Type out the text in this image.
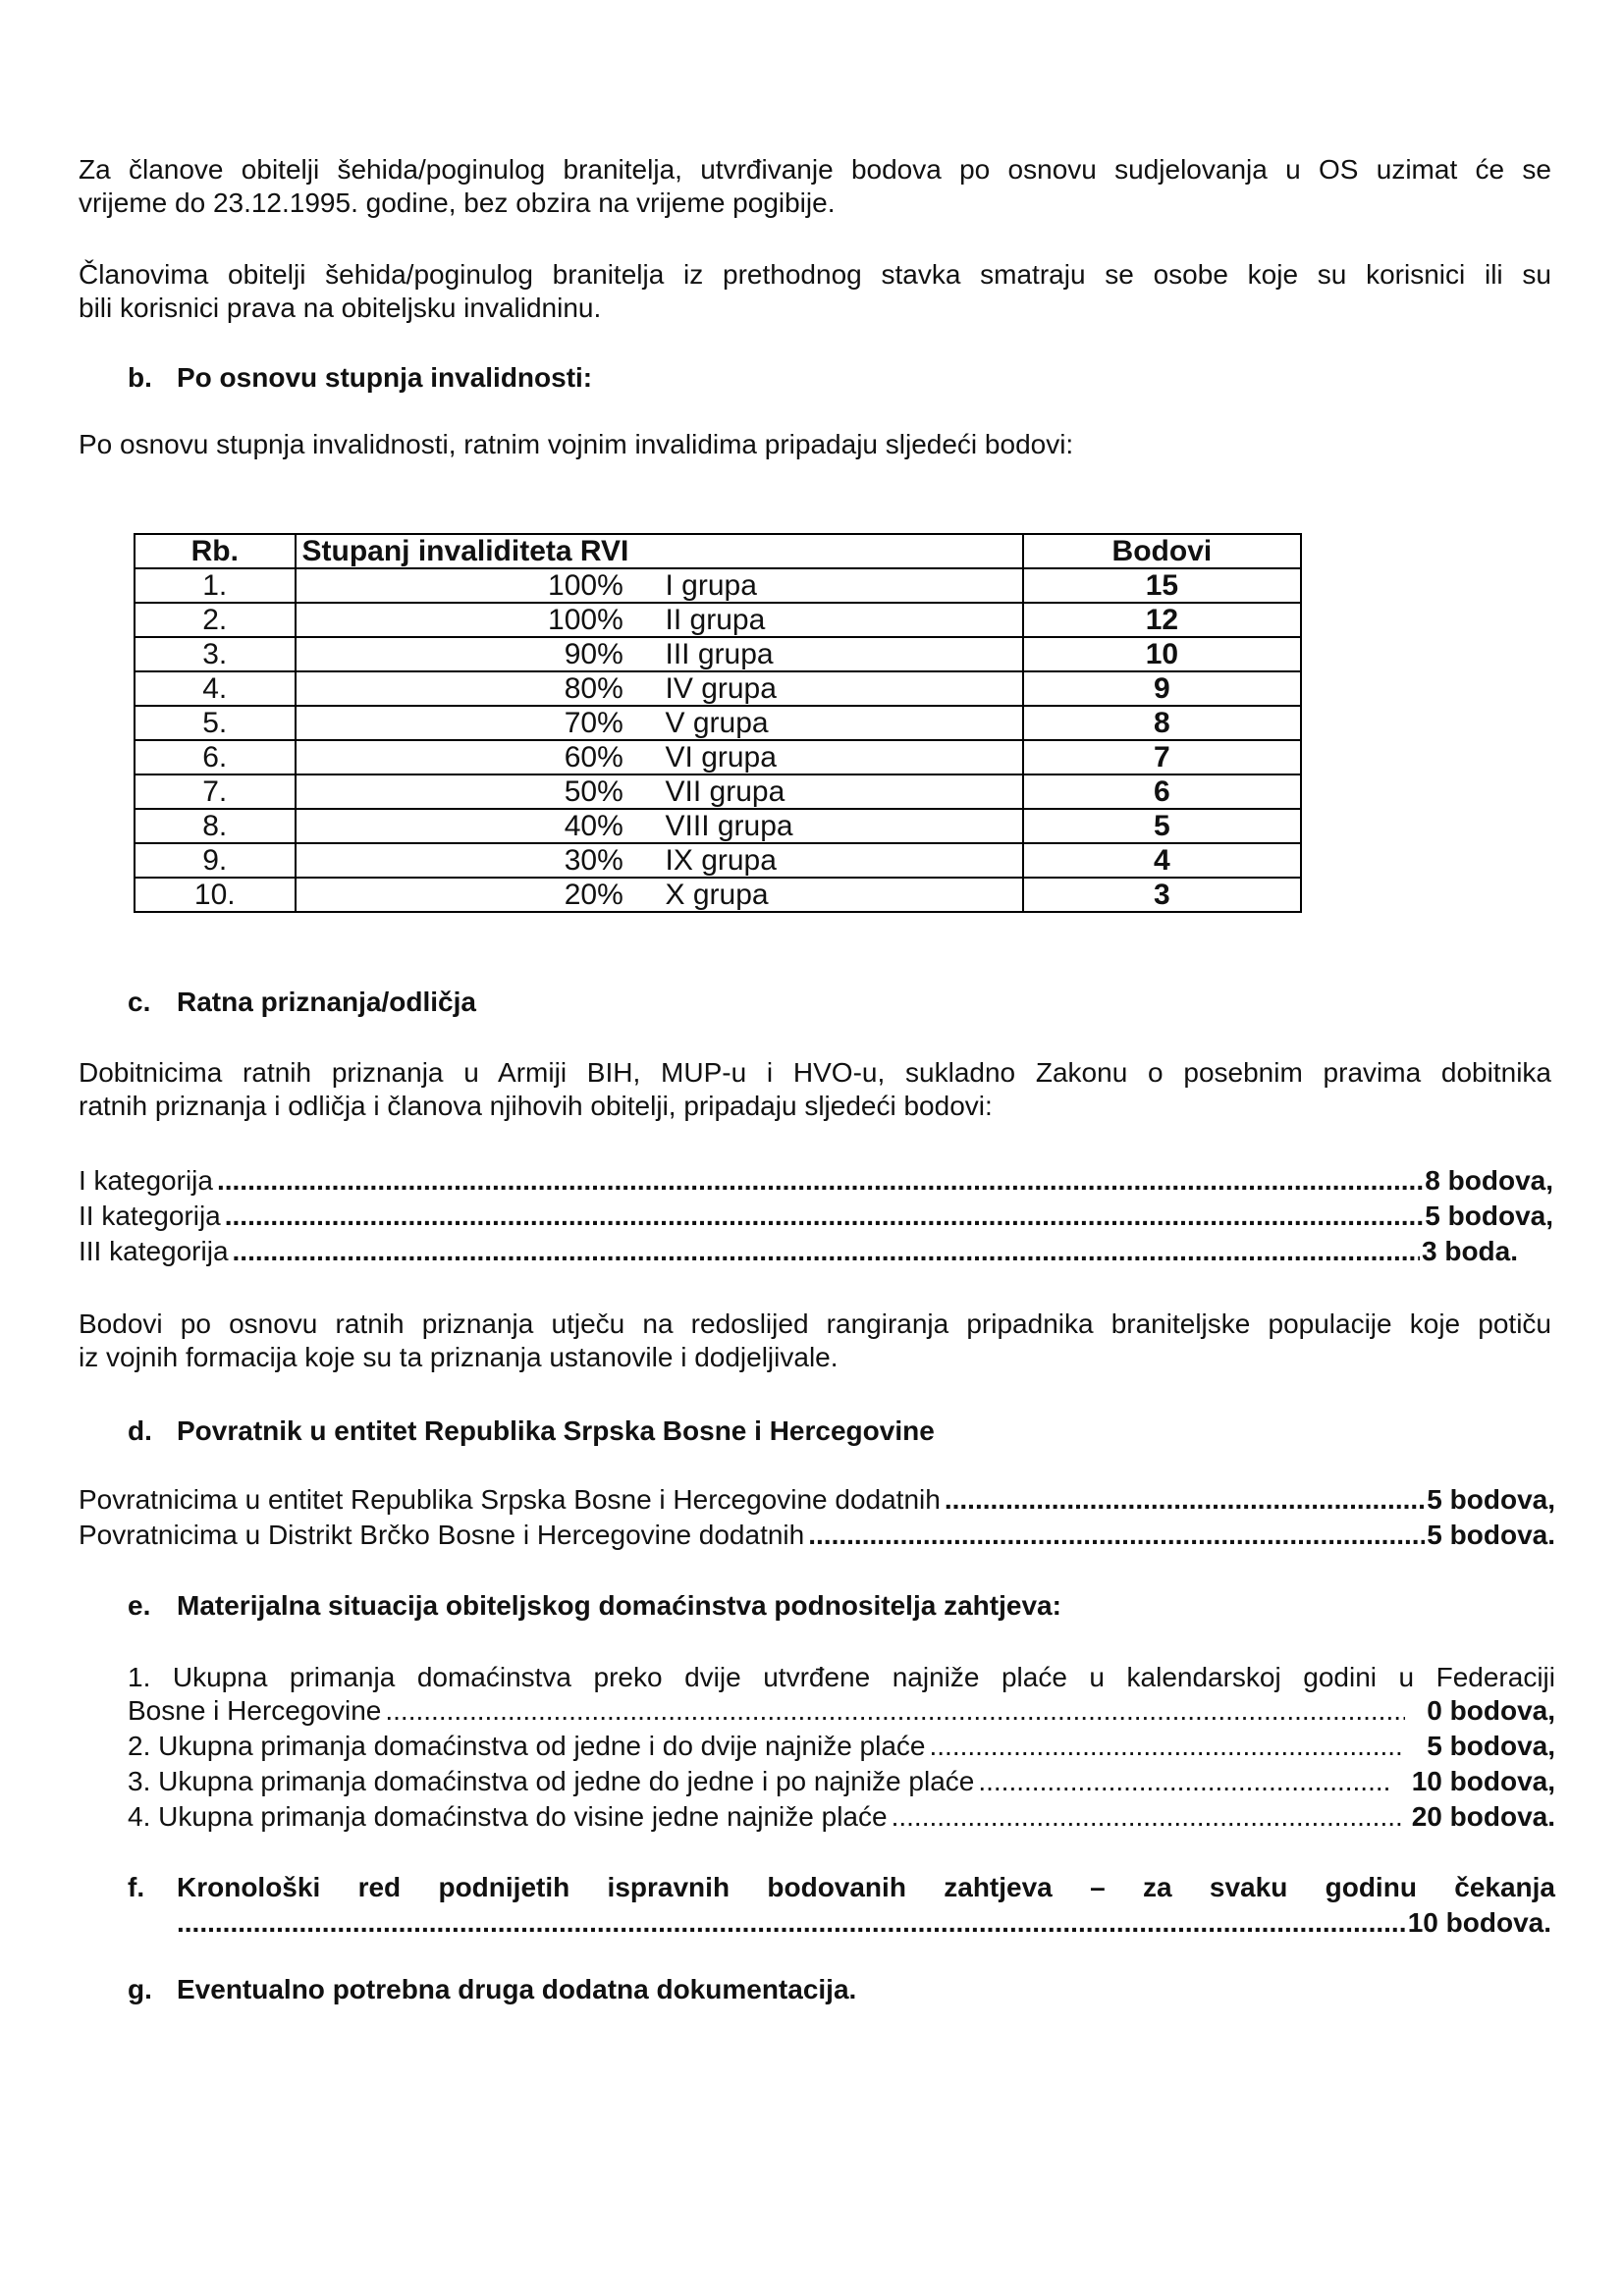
Za članove obitelji šehida/poginulog branitelja, utvrđivanje bodova po osnovu sudjelovanja u OS uzimat će se
vrijeme do 23.12.1995. godine, bez obzira na vrijeme pogibije.
Članovima obitelji šehida/poginulog branitelja iz prethodnog stavka smatraju se osobe koje su korisnici ili su
bili korisnici prava na obiteljsku invalidninu.
b. Po osnovu stupnja invalidnosti:
Po osnovu stupnja invalidnosti, ratnim vojnim invalidima pripadaju sljedeći bodovi:
Rb.	Stupanj invaliditeta RVI	Bodovi
1.	100% I grupa	15
2.	100% II grupa	12
3.	90% III grupa	10
4.	80% IV grupa	9
5.	70% V grupa	8
6.	60% VI grupa	7
7.	50% VII grupa	6
8.	40% VIII grupa	5
9.	30% IX grupa	4
10.	20% X grupa	3
c. Ratna priznanja/odličja
Dobitnicima ratnih priznanja u Armiji BIH, MUP-u i HVO-u, sukladno Zakonu o posebnim pravima dobitnika
ratnih priznanja i odličja i članova njihovih obitelji, pripadaju sljedeći bodovi:
I kategorija .....	8 bodova,
II kategorija .....	5 bodova,
III kategorija .....	3 boda.
Bodovi po osnovu ratnih priznanja utječu na redoslijed rangiranja pripadnika braniteljske populacije koje potiču
iz vojnih formacija koje su ta priznanja ustanovile i dodjeljivale.
d. Povratnik u entitet Republika Srpska Bosne i Hercegovine
Povratnicima u entitet Republika Srpska Bosne i Hercegovine dodatnih .....	5 bodova,
Povratnicima u Distrikt Brčko Bosne i Hercegovine dodatnih .....	5 bodova.
e. Materijalna situacija obiteljskog domaćinstva podnositelja zahtjeva:
1. Ukupna primanja domaćinstva preko dvije utvrđene najniže plaće u kalendarskoj godini u Federaciji
Bosne i Hercegovine .....	0 bodova,
2. Ukupna primanja domaćinstva od jedne i do dvije najniže plaće .....	5 bodova,
3. Ukupna primanja domaćinstva od jedne do jedne i po najniže plaće .....	10 bodova,
4. Ukupna primanja domaćinstva do visine jedne najniže plaće .....	20 bodova.
f. Kronološki red podnijetih ispravnih bodovanih zahtjeva – za svaku godinu čekanja
.....
10 bodova.
g. Eventualno potrebna druga dodatna dokumentacija.
